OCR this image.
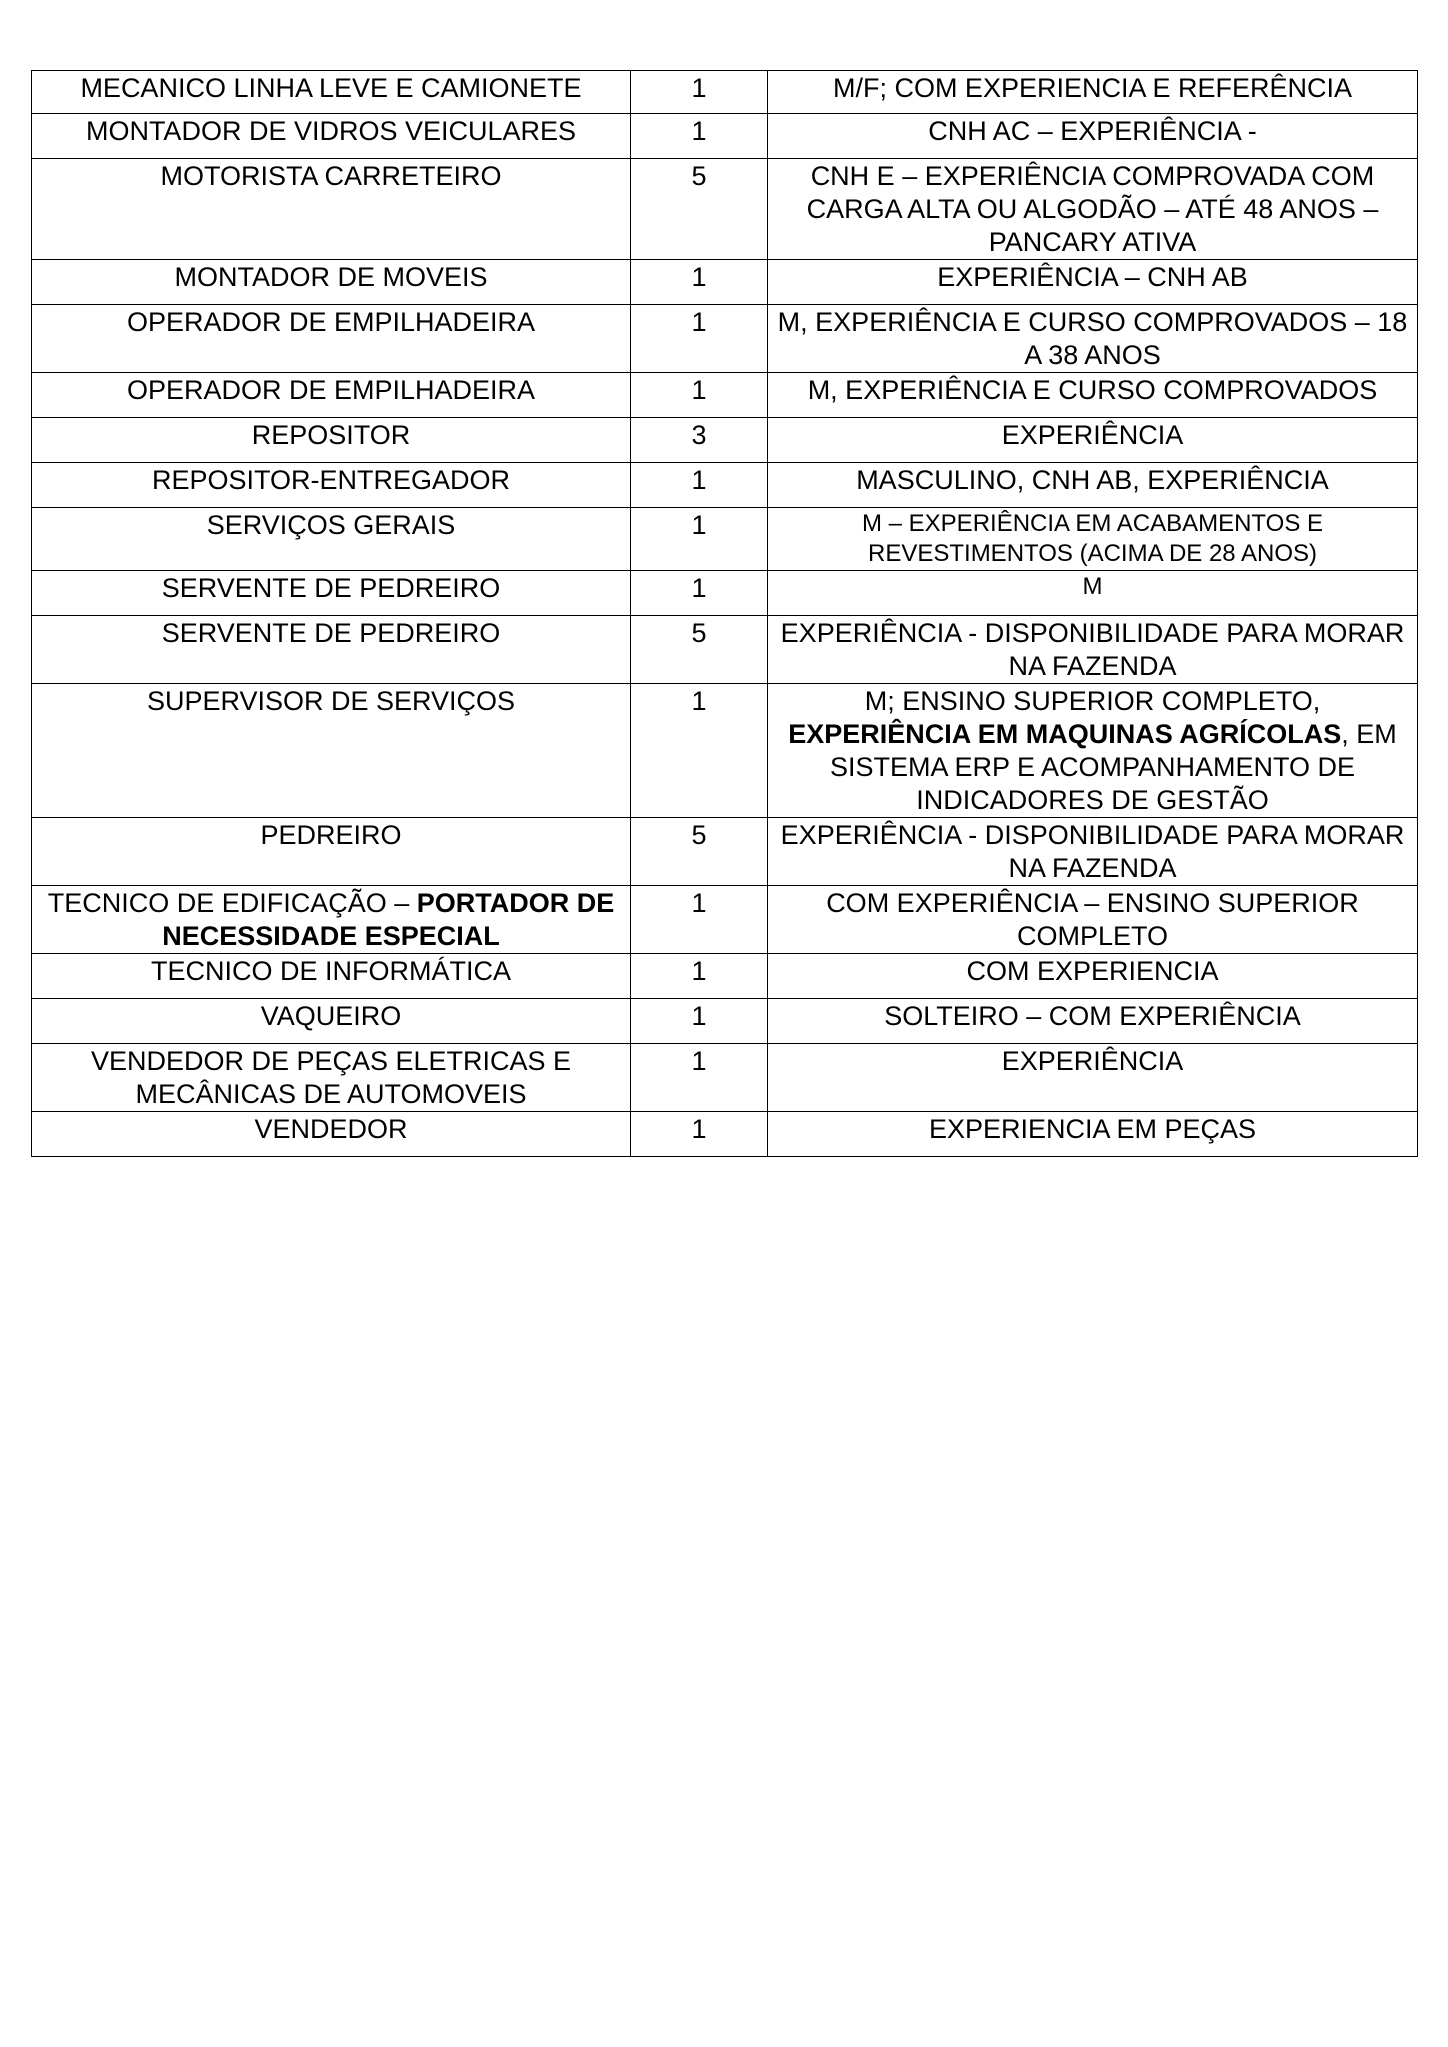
MECANICO LINHA LEVE E CAMIONETE	1	M/F; COM EXPERIENCIA E REFERÊNCIA
MONTADOR DE VIDROS VEICULARES	1	CNH AC – EXPERIÊNCIA -
MOTORISTA CARRETEIRO	5	CNH E – EXPERIÊNCIA COMPROVADA COM CARGA ALTA OU ALGODÃO – ATÉ 48 ANOS – PANCARY ATIVA
MONTADOR DE MOVEIS	1	EXPERIÊNCIA – CNH AB
OPERADOR DE EMPILHADEIRA	1	M, EXPERIÊNCIA E CURSO COMPROVADOS – 18 A 38 ANOS
OPERADOR DE EMPILHADEIRA	1	M, EXPERIÊNCIA E CURSO COMPROVADOS
REPOSITOR	3	EXPERIÊNCIA
REPOSITOR-ENTREGADOR	1	MASCULINO, CNH AB, EXPERIÊNCIA
SERVIÇOS GERAIS	1	M – EXPERIÊNCIA EM ACABAMENTOS E REVESTIMENTOS (ACIMA DE 28 ANOS)
SERVENTE DE PEDREIRO	1	M
SERVENTE DE PEDREIRO	5	EXPERIÊNCIA - DISPONIBILIDADE PARA MORAR NA FAZENDA
SUPERVISOR DE SERVIÇOS	1	M; ENSINO SUPERIOR COMPLETO, EXPERIÊNCIA EM MAQUINAS AGRÍCOLAS, EM SISTEMA ERP E ACOMPANHAMENTO DE INDICADORES DE GESTÃO
PEDREIRO	5	EXPERIÊNCIA - DISPONIBILIDADE PARA MORAR NA FAZENDA
TECNICO DE EDIFICAÇÃO – PORTADOR DE NECESSIDADE ESPECIAL	1	COM EXPERIÊNCIA – ENSINO SUPERIOR COMPLETO
TECNICO DE INFORMÁTICA	1	COM EXPERIENCIA
VAQUEIRO	1	SOLTEIRO – COM EXPERIÊNCIA
VENDEDOR DE PEÇAS ELETRICAS E MECÂNICAS DE AUTOMOVEIS	1	EXPERIÊNCIA
VENDEDOR	1	EXPERIENCIA EM PEÇAS
